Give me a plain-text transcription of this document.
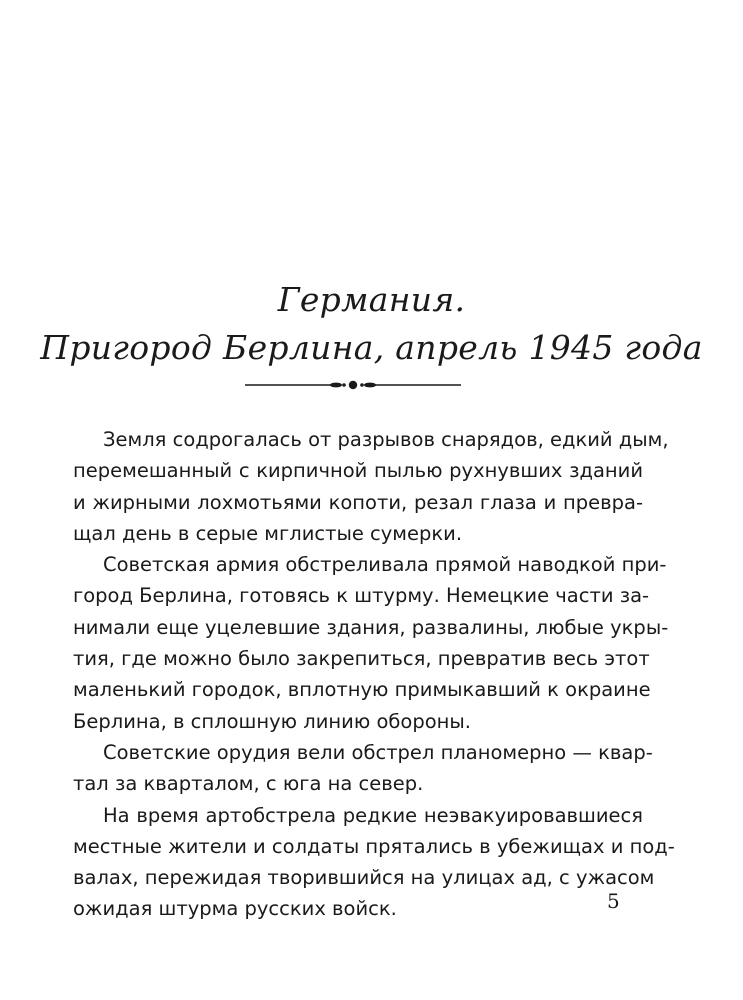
Германия.
Пригород Берлина, апрель 1945 года

Земля содрогалась от разрывов снарядов, едкий дым,
перемешанный с кирпичной пылью рухнувших зданий
и жирными лохмотьями копоти, резал глаза и превра-
щал день в серые мглистые сумерки.

Советская армия обстреливала прямой наводкой при-
город Берлина, готовясь к штурму. Немецкие части за-
нимали еще уцелевшие здания, развалины, любые укры-
тия, где можно было закрепиться, превратив весь этот
маленький городок, вплотную примыкавший к окраине
Берлина, в сплошную линию обороны.

Советские орудия вели обстрел планомерно — квар-
тал за кварталом, с юга на север.

На время артобстрела редкие неэвакуировавшиеся
местные жители и солдаты прятались в убежищах и под-
валах, пережидая творившийся на улицах ад, с ужасом
ожидая штурма русских войск.	5
